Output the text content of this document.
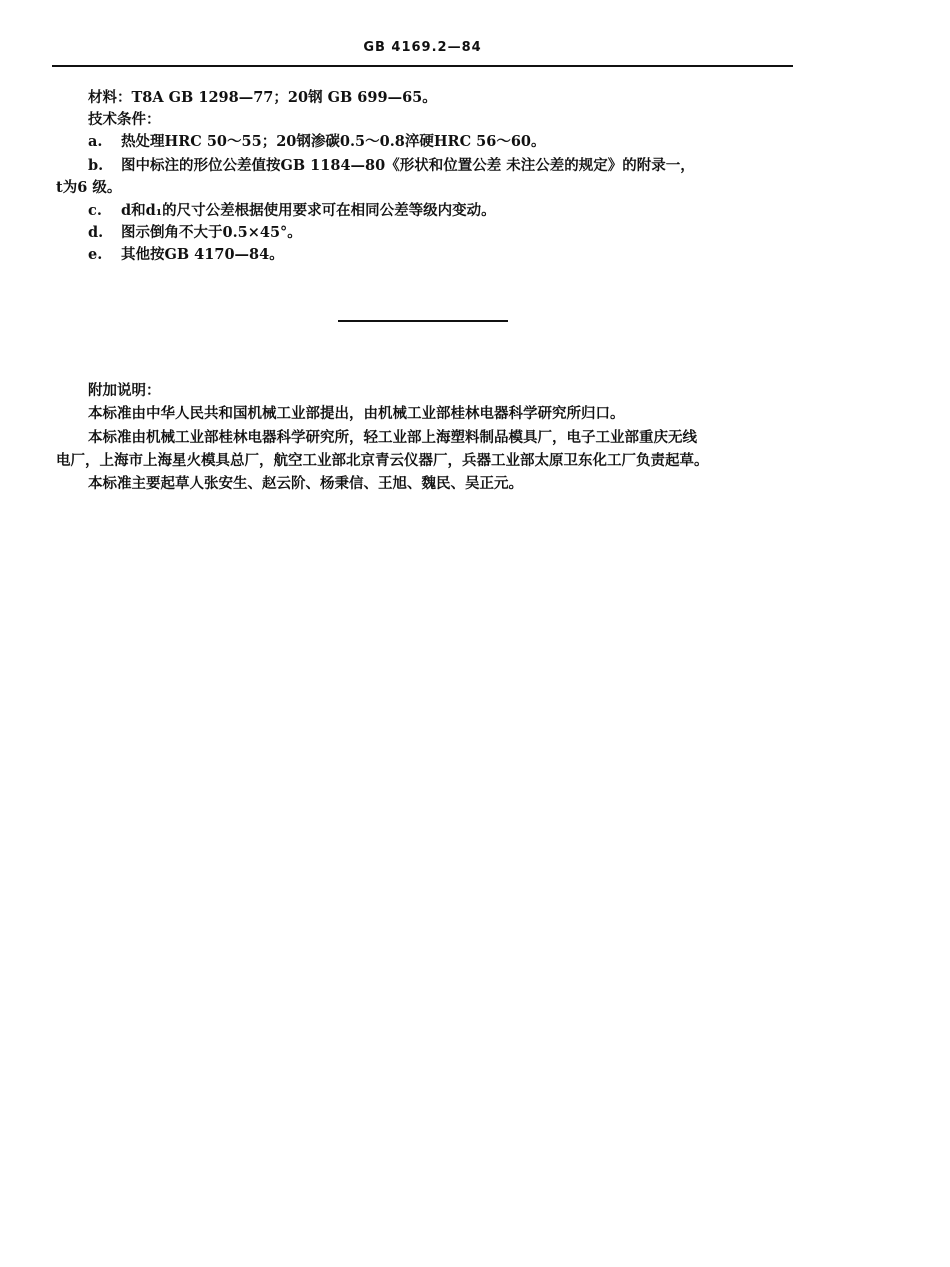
GB 4169.2—84
材料：T8A GB 1298—77；20钢 GB 699—65。
技术条件：
a. 热处理HRC 50～55；20钢渗碳0.5～0.8淬硬HRC 56～60。
b. 图中标注的形位公差值按GB 1184—80《形状和位置公差 未注公差的规定》的附录一，
t为6 级。
c. d和d₁的尺寸公差根据使用要求可在相同公差等级内变动。
d. 图示倒角不大于0.5×45°。
e. 其他按GB 4170—84。
附加说明：
本标准由中华人民共和国机械工业部提出，由机械工业部桂林电器科学研究所归口。
本标准由机械工业部桂林电器科学研究所，轻工业部上海塑料制品模具厂，电子工业部重庆无线
电厂，上海市上海星火模具总厂，航空工业部北京青云仪器厂，兵器工业部太原卫东化工厂负责起草。
本标准主要起草人张安生、赵云阶、杨秉信、王旭、魏民、吴正元。
